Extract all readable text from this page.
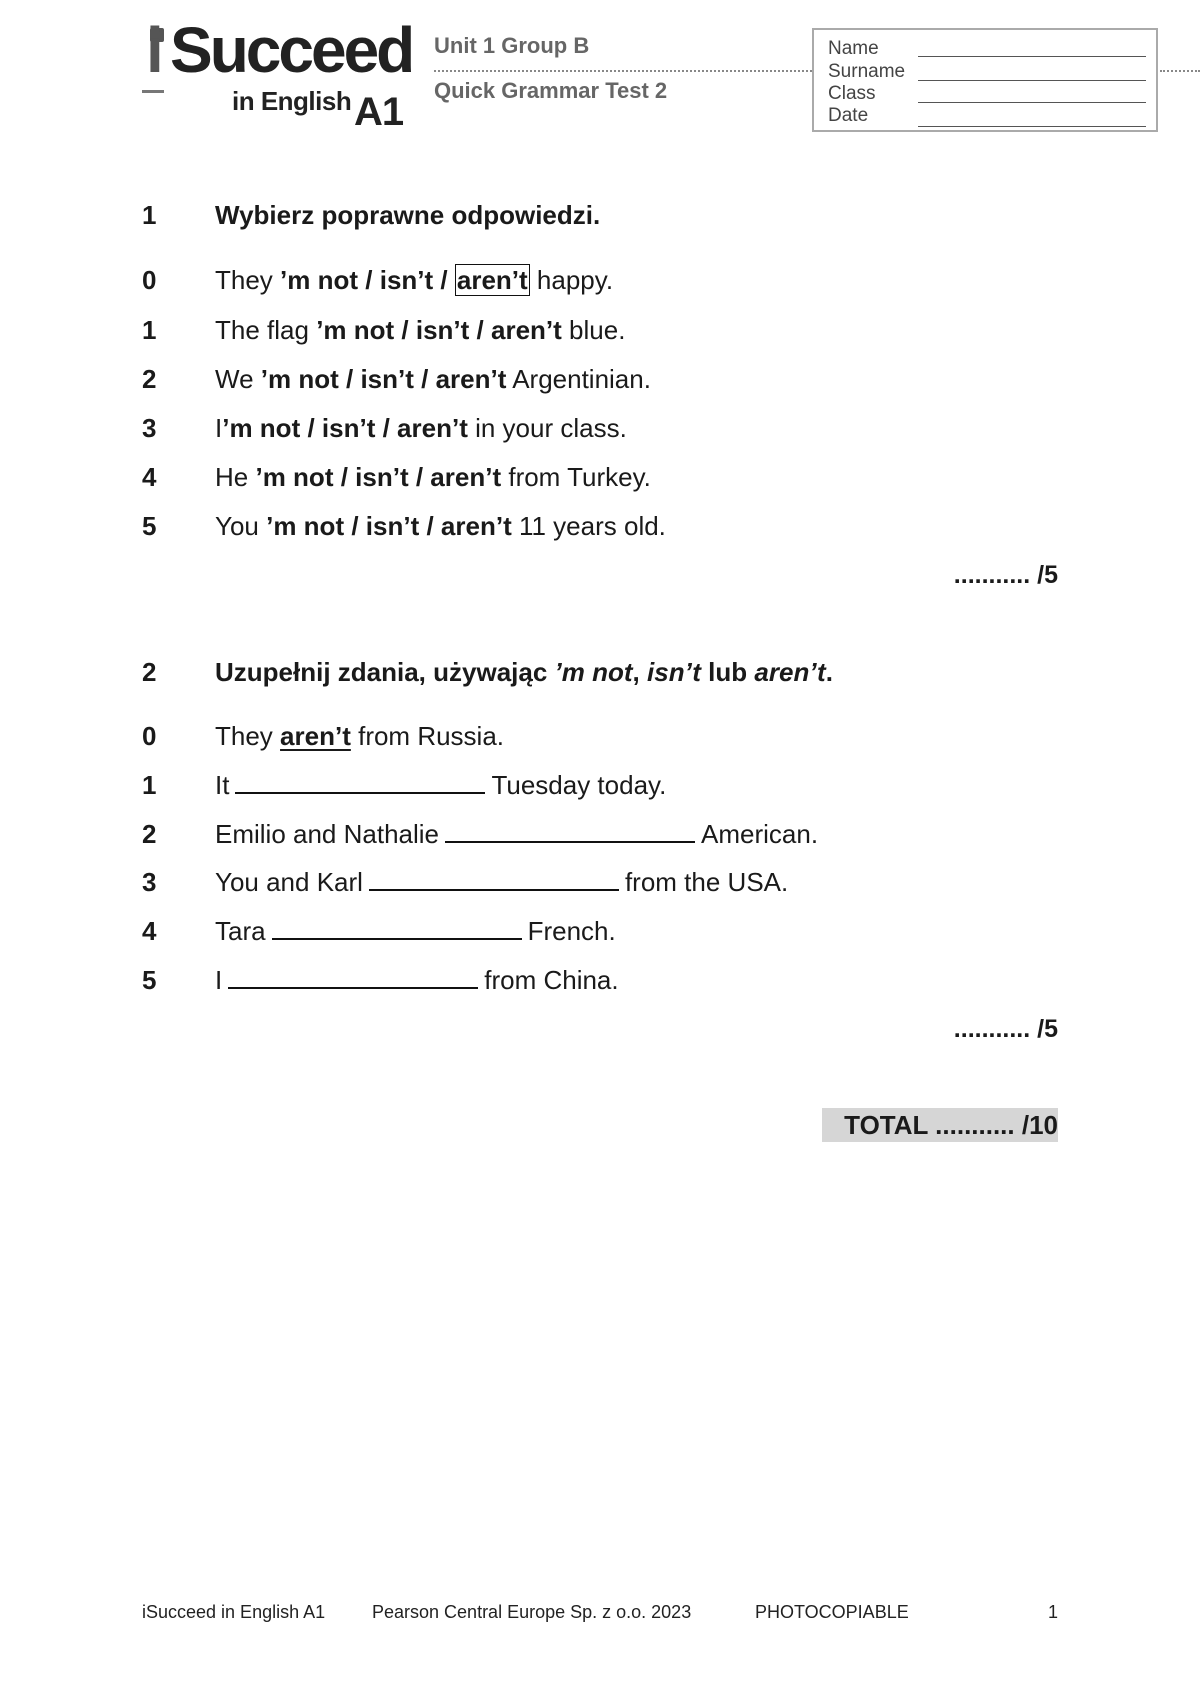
i Succeed
in English A1
Unit 1 Group B
Quick Grammar Test 2
Name
Surname
Class
Date
1 Wybierz poprawne odpowiedzi.
0 They ’m not / isn’t / aren’t happy.
1 The flag ’m not / isn’t / aren’t blue.
2 We ’m not / isn’t / aren’t Argentinian.
3 I’m not / isn’t / aren’t in your class.
4 He ’m not / isn’t / aren’t from Turkey.
5 You ’m not / isn’t / aren’t 11 years old.
........... /5
2 Uzupełnij zdania, używając ’m not, isn’t lub aren’t.
0 They aren’t from Russia.
1 It	Tuesday today.
2 Emilio and Nathalie	American.
3 You and Karl	from the USA.
4 Tara	French.
5 I	from China.
........... /5
TOTAL ........... /10
iSucceed in English A1	Pearson Central Europe Sp. z o.o. 2023	PHOTOCOPIABLE	1
